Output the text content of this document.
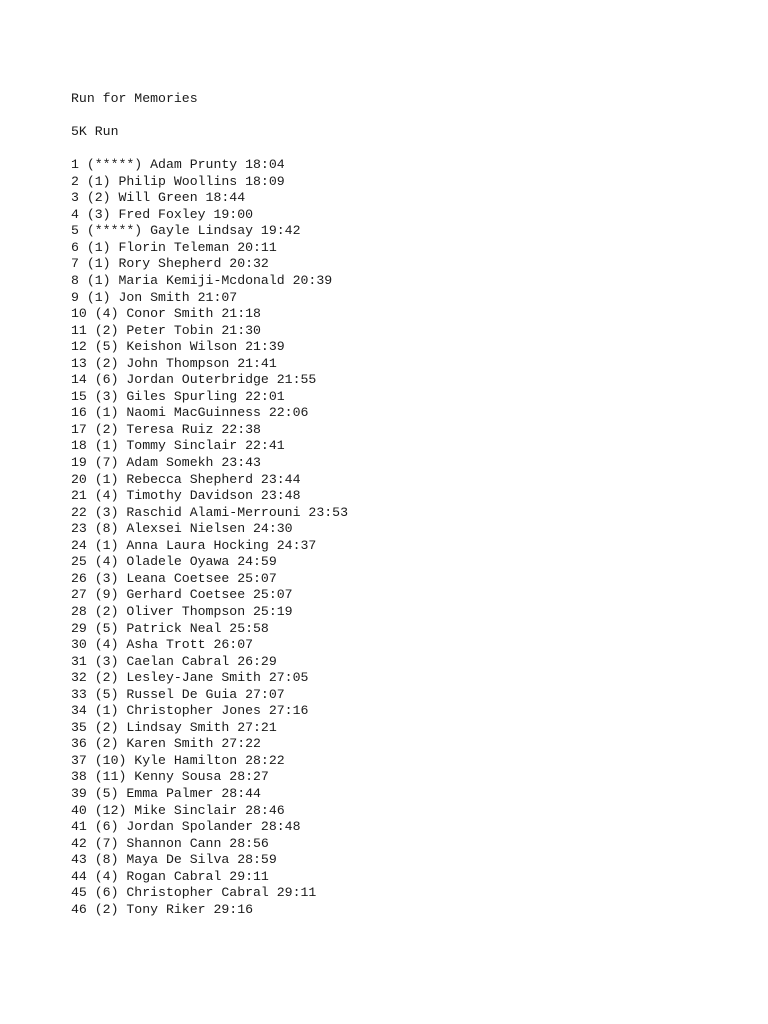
Run for Memories
5K Run
1 (*****) Adam Prunty 18:04
2 (1) Philip Woollins 18:09
3 (2) Will Green 18:44
4 (3) Fred Foxley 19:00
5 (*****) Gayle Lindsay 19:42
6 (1) Florin Teleman 20:11
7 (1) Rory Shepherd 20:32
8 (1) Maria Kemiji-Mcdonald 20:39
9 (1) Jon Smith 21:07
10 (4) Conor Smith 21:18
11 (2) Peter Tobin 21:30
12 (5) Keishon Wilson 21:39
13 (2) John Thompson 21:41
14 (6) Jordan Outerbridge 21:55
15 (3) Giles Spurling 22:01
16 (1) Naomi MacGuinness 22:06
17 (2) Teresa Ruiz 22:38
18 (1) Tommy Sinclair 22:41
19 (7) Adam Somekh 23:43
20 (1) Rebecca Shepherd 23:44
21 (4) Timothy Davidson 23:48
22 (3) Raschid Alami-Merrouni 23:53
23 (8) Alexsei Nielsen 24:30
24 (1) Anna Laura Hocking 24:37
25 (4) Oladele Oyawa 24:59
26 (3) Leana Coetsee 25:07
27 (9) Gerhard Coetsee 25:07
28 (2) Oliver Thompson 25:19
29 (5) Patrick Neal 25:58
30 (4) Asha Trott 26:07
31 (3) Caelan Cabral 26:29
32 (2) Lesley-Jane Smith 27:05
33 (5) Russel De Guia 27:07
34 (1) Christopher Jones 27:16
35 (2) Lindsay Smith 27:21
36 (2) Karen Smith 27:22
37 (10) Kyle Hamilton 28:22
38 (11) Kenny Sousa 28:27
39 (5) Emma Palmer 28:44
40 (12) Mike Sinclair 28:46
41 (6) Jordan Spolander 28:48
42 (7) Shannon Cann 28:56
43 (8) Maya De Silva 28:59
44 (4) Rogan Cabral 29:11
45 (6) Christopher Cabral 29:11
46 (2) Tony Riker 29:16
